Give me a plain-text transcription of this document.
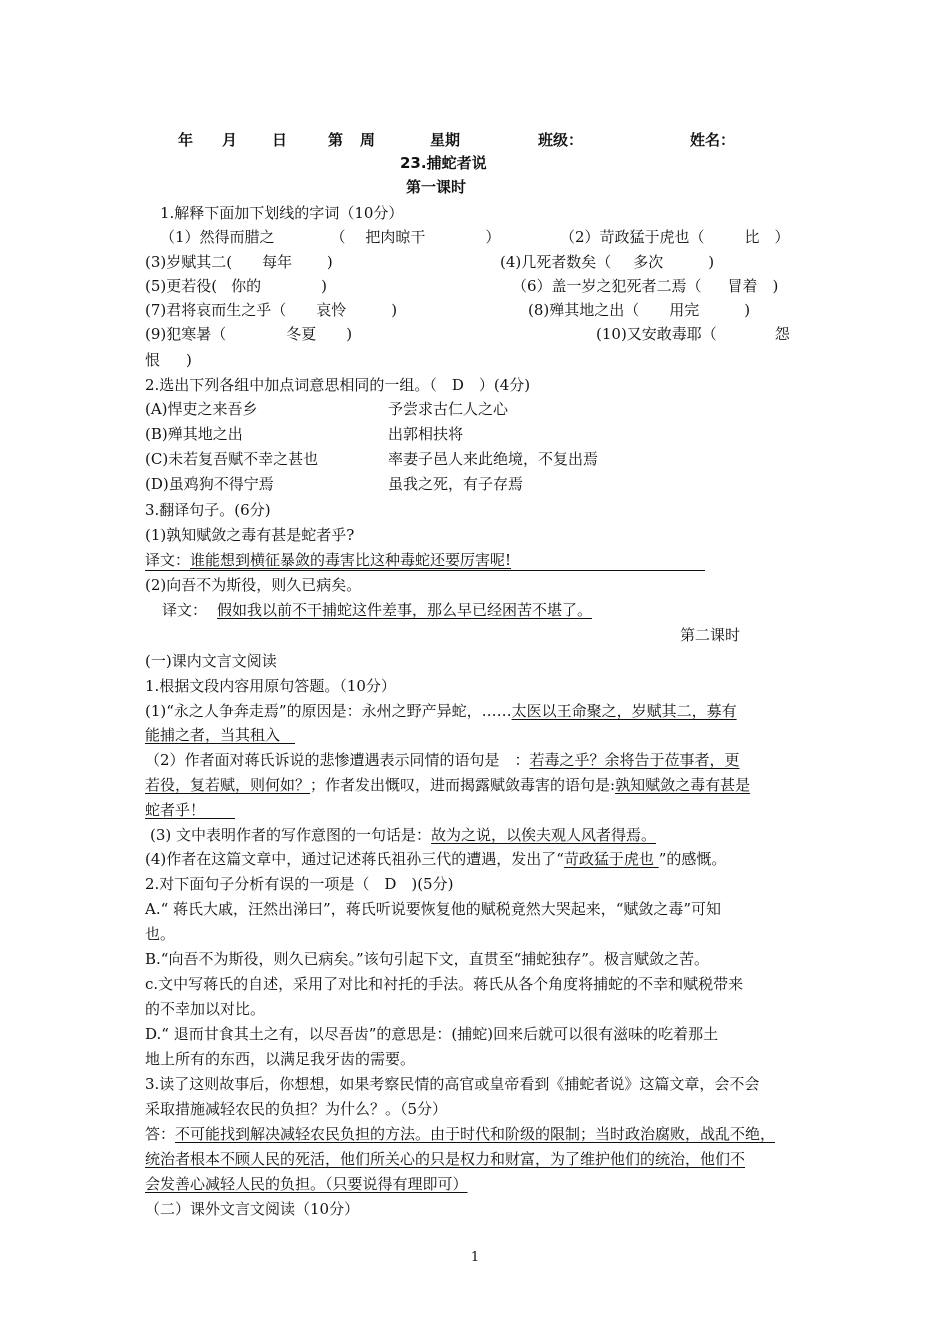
年 月 日	第 周	星期	班级：	姓名：
23.捕蛇者说
第一课时
1.解释下面加下划线的字词（10分）
（1）然得而腊之	（　 把肉晾干　　　　）	（2）苛政猛于虎也（	比　）
(3)岁赋其二( 每年　　 )	(4)几死者数矣（ 多次　　　)
(5)更若役( 你的　　　　)	（6）盖一岁之犯死者二焉（ 冒着　)
(7)君将哀而生之乎（ 哀怜　　　)	(8)殚其地之出（ 用完　　　)
(9)犯寒暑（	冬夏　　)	(10)又安敢毒耶（	怨
恨 )
2.选出下列各组中加点词意思相同的一组。（　D　）(4分)
(A)悍吏之来吾乡	予尝求古仁人之心
(B)殚其地之出	出郭相扶将
(C)未若复吾赋不幸之甚也	率妻子邑人来此绝境，不复出焉
(D)虽鸡狗不得宁焉	虽我之死，有子存焉
3.翻译句子。(6分)
(1)孰知赋敛之毒有甚是蛇者乎?
译文：谁能想到横征暴敛的毒害比这种毒蛇还要厉害呢!
(2)向吾不为斯役，则久已病矣。
译文： 假如我以前不干捕蛇这件差事，那么早已经困苦不堪了。
第二课时
(一)课内文言文阅读
1.根据文段内容用原句答题。（10分）
(1)“永之人争奔走焉”的原因是：永州之野产异蛇，……太医以王命聚之，岁赋其二，募有
能捕之者，当其租入　
（2）作者面对蒋氏诉说的悲惨遭遇表示同情的语句是　：若毒之乎？余将告于莅事者，更
若役，复若赋，则何如？；作者发出慨叹，进而揭露赋敛毒害的语句是:孰知赋敛之毒有甚是
蛇者乎！　　
(3) 文中表明作者的写作意图的一句话是：故为之说，以俟夫观人风者得焉。
(4)作者在这篇文章中，通过记述蒋氏祖孙三代的遭遇，发出了“苛政猛于虎也 ”的感慨。
2.对下面句子分析有误的一项是（　D　)(5分)
A.“ 蒋氏大戚，汪然出涕曰”，蒋氏听说要恢复他的赋税竟然大哭起来，“赋敛之毒”可知
也。
B.“向吾不为斯役，则久已病矣。”该句引起下文，直贯至“捕蛇独存”。极言赋敛之苦。
c.文中写蒋氏的自述，采用了对比和衬托的手法。蒋氏从各个角度将捕蛇的不幸和赋税带来
的不幸加以对比。
D.“ 退而甘食其土之有，以尽吾齿”的意思是：(捕蛇)回来后就可以很有滋味的吃着那土
地上所有的东西，以满足我牙齿的需要。
3.读了这则故事后，你想想，如果考察民情的高官或皇帝看到《捕蛇者说》这篇文章，会不会
采取措施减轻农民的负担？为什么？。（5分）
答：不可能找到解决减轻农民负担的方法。由于时代和阶级的限制；当时政治腐败，战乱不绝，
统治者根本不顾人民的死活，他们所关心的只是权力和财富，为了维护他们的统治，他们不
会发善心减轻人民的负担。（只要说得有理即可）
（二）课外文言文阅读（10分）
1
